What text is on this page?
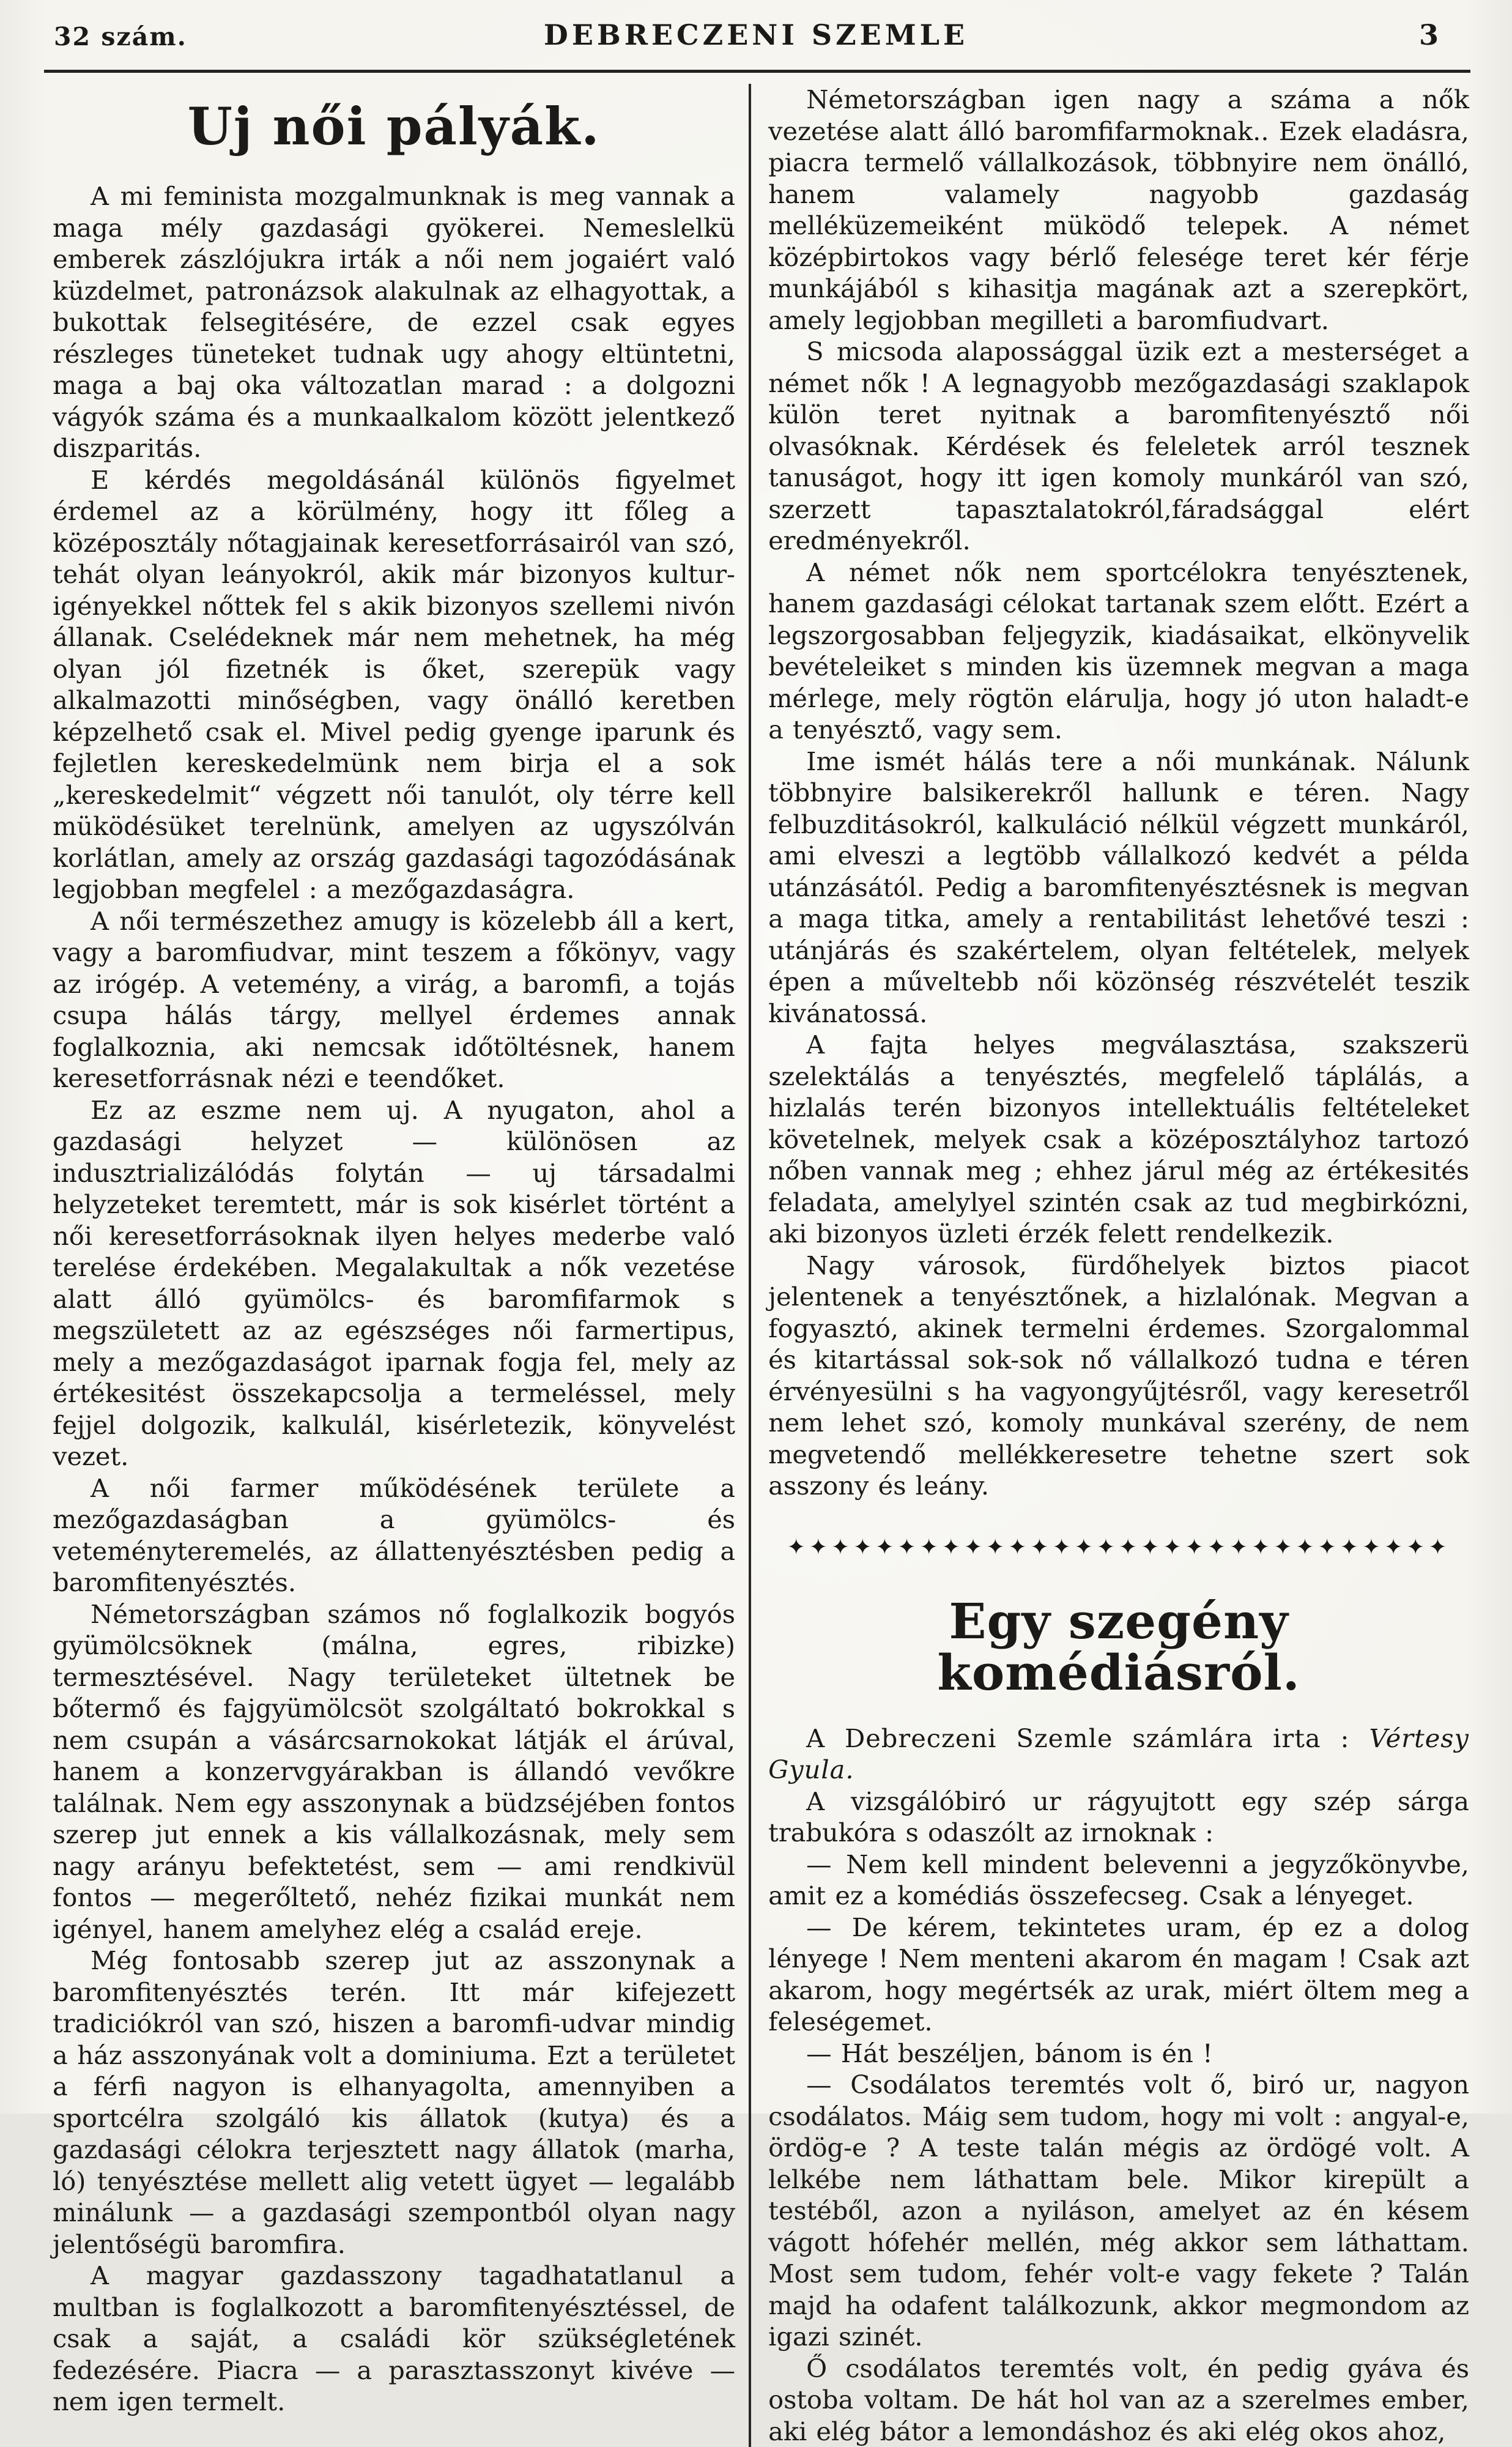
32 szám.	DEBRECZENI SZEMLE	3
Uj női pályák.

A mi feminista mozgalmunknak is meg vannak a maga mély gazdasági gyökerei. Nemeslelkü emberek zászlójukra irták a női nem jogaiért való küzdelmet, patronázsok alakulnak az elhagyottak, a bukottak felsegitésére, de ezzel csak egyes részleges tüneteket tudnak ugy ahogy eltüntetni, maga a baj oka változatlan marad : a dolgozni vágyók száma és a munkaalkalom között jelentkező diszparitás.

E kérdés megoldásánál különös figyelmet érdemel az a körülmény, hogy itt főleg a középosztály nőtagjainak keresetforrásairól van szó, tehát olyan leányokról, akik már bizonyos kultur-igényekkel nőttek fel s akik bizonyos szellemi nivón állanak. Cselédeknek már nem mehetnek, ha még olyan jól fizetnék is őket, szerepük vagy alkalmazotti minőségben, vagy önálló keretben képzelhető csak el. Mivel pedig gyenge iparunk és fejletlen kereskedelmünk nem birja el a sok „kereskedelmit“ végzett női tanulót, oly térre kell müködésüket terelnünk, amelyen az ugyszólván korlátlan, amely az ország gazdasági tagozódásának legjobban megfelel : a mezőgazdaságra.

A női természethez amugy is közelebb áll a kert, vagy a baromfiudvar, mint teszem a főkönyv, vagy az irógép. A vetemény, a virág, a baromfi, a tojás csupa hálás tárgy, mellyel érdemes annak foglalkoznia, aki nemcsak időtöltésnek, hanem keresetforrásnak nézi e teendőket.

Ez az eszme nem uj. A nyugaton, ahol a gazdasági helyzet — különösen az indusztrializálódás folytán — uj társadalmi helyzeteket teremtett, már is sok kisérlet történt a női keresetforrásoknak ilyen helyes mederbe való terelése érdekében. Megalakultak a nők vezetése alatt álló gyümölcs- és baromfifarmok s megszületett az az egészséges női farmertipus, mely a mezőgazdaságot iparnak fogja fel, mely az értékesitést összekapcsolja a termeléssel, mely fejjel dolgozik, kalkulál, kisérletezik, könyvelést vezet.

A női farmer működésének területe a mezőgazdaságban a gyümölcs- és veteményteremelés, az állattenyésztésben pedig a baromfitenyésztés.

Németországban számos nő foglalkozik bogyós gyümölcsöknek (málna, egres, ribizke) termesztésével. Nagy területeket ültetnek be bőtermő és fajgyümölcsöt szolgáltató bokrokkal s nem csupán a vásárcsarnokokat látják el árúval, hanem a konzervgyárakban is állandó vevőkre találnak. Nem egy asszonynak a büdzséjében fontos szerep jut ennek a kis vállalkozásnak, mely sem nagy arányu befektetést, sem — ami rendkivül fontos — megerőltető, nehéz fizikai munkát nem igényel, hanem amelyhez elég a család ereje.

Még fontosabb szerep jut az asszonynak a baromfitenyésztés terén. Itt már kifejezett tradiciókról van szó, hiszen a baromfi-udvar mindig a ház asszonyának volt a dominiuma. Ezt a területet a férfi nagyon is elhanyagolta, amennyiben a sportcélra szolgáló kis állatok (kutya) és a gazdasági célokra terjesztett nagy állatok (marha, ló) tenyésztése mellett alig vetett ügyet — legalább minálunk — a gazdasági szempontból olyan nagy jelentőségü baromfira.

A magyar gazdasszony tagadhatatlanul a multban is foglalkozott a baromfitenyésztéssel, de csak a saját, a családi kör szükségletének fedezésére. Piacra — a parasztasszonyt kivéve — nem igen termelt.

Németországban igen nagy a száma a nők vezetése alatt álló baromfifarmoknak.. Ezek eladásra, piacra termelő vállalkozások, többnyire nem önálló, hanem valamely nagyobb gazdaság melléküzemeiként müködő telepek. A német középbirtokos vagy bérlő felesége teret kér férje munkájából s kihasitja magának azt a szerepkört, amely legjobban megilleti a baromfiudvart.

S micsoda alapossággal üzik ezt a mesterséget a német nők ! A legnagyobb mezőgazdasági szaklapok külön teret nyitnak a baromfitenyésztő női olvasóknak. Kérdések és feleletek arról tesznek tanuságot, hogy itt igen komoly munkáról van szó, szerzett tapasztalatokról,fáradsággal elért eredményekről.

A német nők nem sportcélokra tenyésztenek, hanem gazdasági célokat tartanak szem előtt. Ezért a legszorgosabban feljegyzik, kiadásaikat, elkönyvelik bevételeiket s minden kis üzemnek megvan a maga mérlege, mely rögtön elárulja, hogy jó uton haladt-e a tenyésztő, vagy sem.

Ime ismét hálás tere a női munkának. Nálunk többnyire balsikerekről hallunk e téren. Nagy felbuzditásokról, kalkuláció nélkül végzett munkáról, ami elveszi a legtöbb vállalkozó kedvét a példa utánzásától. Pedig a baromfitenyésztésnek is megvan a maga titka, amely a rentabilitást lehetővé teszi : utánjárás és szakértelem, olyan feltételek, melyek épen a műveltebb női közönség részvételét teszik kivánatossá.

A fajta helyes megválasztása, szakszerü szelektálás a tenyésztés, megfelelő táplálás, a hizlalás terén bizonyos intellektuális feltételeket követelnek, melyek csak a középosztályhoz tartozó nőben vannak meg ; ehhez járul még az értékesités feladata, amelylyel szintén csak az tud megbirkózni, aki bizonyos üzleti érzék felett rendelkezik.

Nagy városok, fürdőhelyek biztos piacot jelentenek a tenyésztőnek, a hizlalónak. Megvan a fogyasztó, akinek termelni érdemes. Szorgalommal és kitartással sok-sok nő vállalkozó tudna e téren érvényesülni s ha vagyongyűjtésről, vagy keresetről nem lehet szó, komoly munkával szerény, de nem megvetendő mellékkeresetre tehetne szert sok asszony és leány.

✦✦✦✦✦✦✦✦✦✦✦✦✦✦✦✦✦✦✦✦✦✦✦✦✦✦✦✦✦✦
Egy szegény komédiásról.

A Debreczeni Szemle számlára irta : Vértesy Gyula.

A vizsgálóbiró ur rágyujtott egy szép sárga trabukóra s odaszólt az irnoknak :

— Nem kell mindent belevenni a jegyzőkönyvbe, amit ez a komédiás összefecseg. Csak a lényeget.

— De kérem, tekintetes uram, ép ez a dolog lényege ! Nem menteni akarom én magam ! Csak azt akarom, hogy megértsék az urak, miért öltem meg a feleségemet.

— Hát beszéljen, bánom is én !

— Csodálatos teremtés volt ő, biró ur, nagyon csodálatos. Máig sem tudom, hogy mi volt : angyal-e, ördög-e ? A teste talán mégis az ördögé volt. A lelkébe nem láthattam bele. Mikor kirepült a testéből, azon a nyiláson, amelyet az én késem vágott hófehér mellén, még akkor sem láthattam. Most sem tudom, fehér volt-e vagy fekete ? Talán majd ha odafent találkozunk, akkor megmondom az igazi szinét.

Ő csodálatos teremtés volt, én pedig gyáva és ostoba voltam. De hát hol van az a szerelmes ember, aki elég bátor a lemondáshoz és aki elég okos ahoz,
